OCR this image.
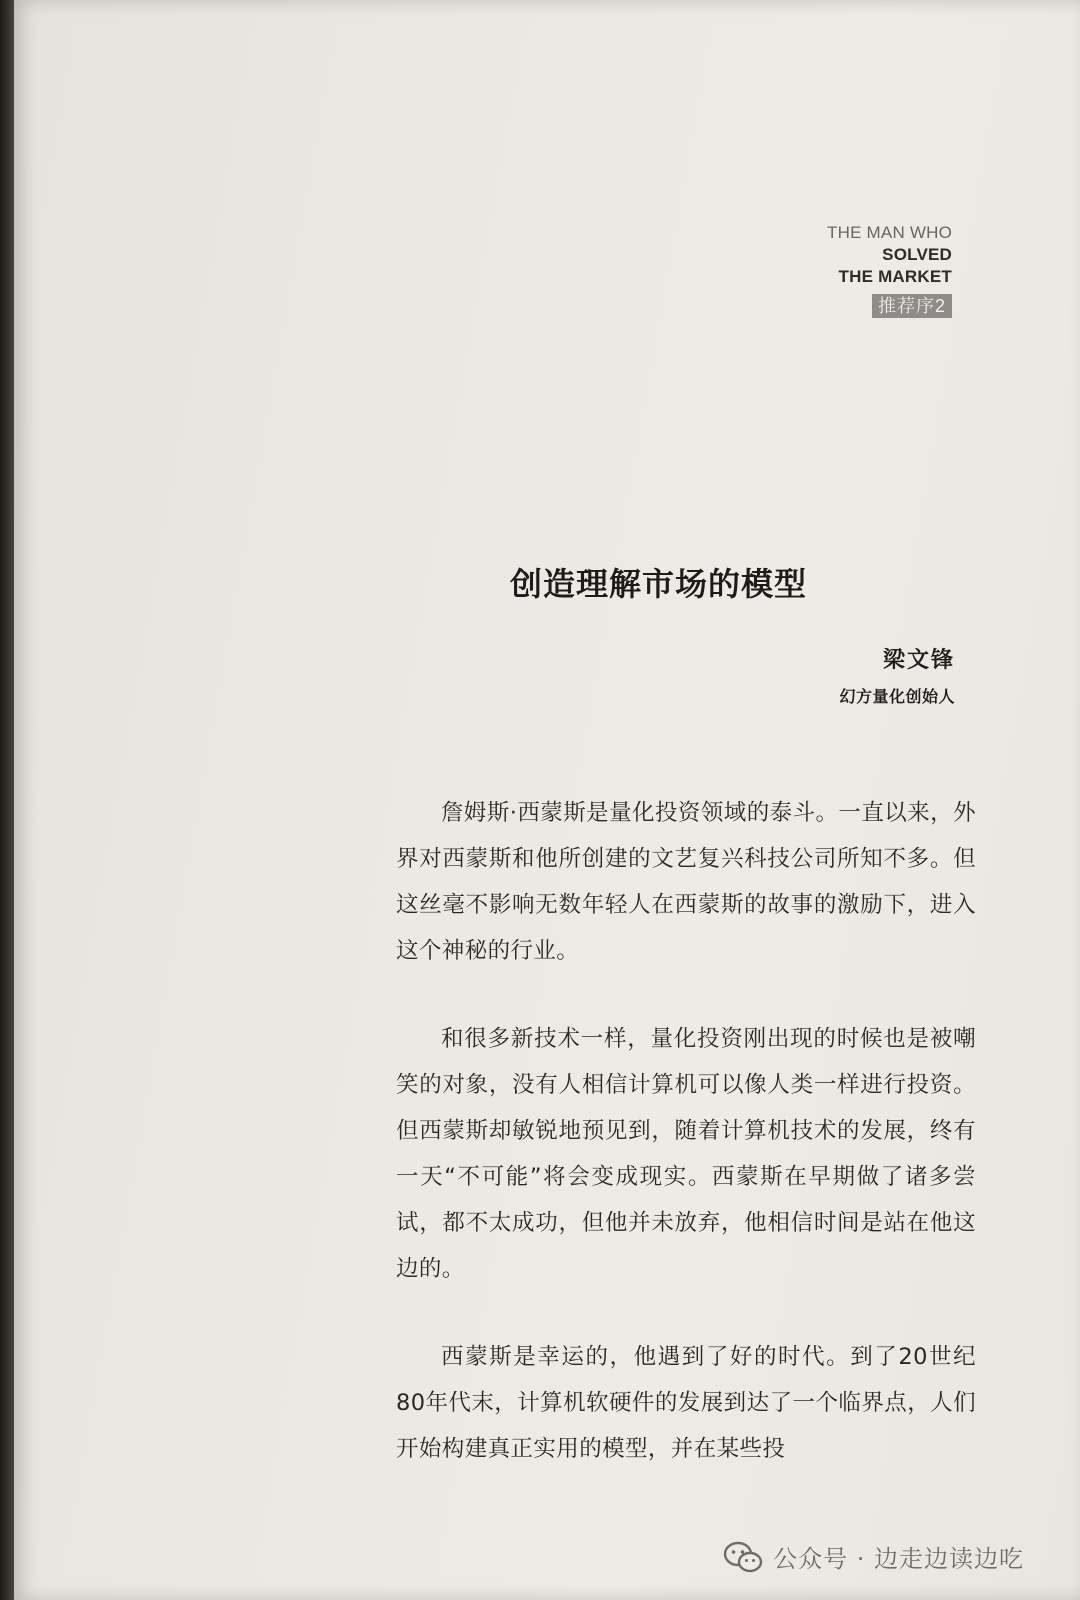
THE MAN WHO
SOLVED
THE MARKET
推荐序2
创造理解市场的模型
梁文锋
幻方量化创始人

詹姆斯·西蒙斯是量化投资领域的泰斗。一直以来，外界对西蒙斯和他所创建的文艺复兴科技公司所知不多。但这丝毫不影响无数年轻人在西蒙斯的故事的激励下，进入这个神秘的行业。

和很多新技术一样，量化投资刚出现的时候也是被嘲笑的对象，没有人相信计算机可以像人类一样进行投资。但西蒙斯却敏锐地预见到，随着计算机技术的发展，终有一天“不可能”将会变成现实。西蒙斯在早期做了诸多尝试，都不太成功，但他并未放弃，他相信时间是站在他这边的。

西蒙斯是幸运的，他遇到了好的时代。到了20世纪80年代末，计算机软硬件的发展到达了一个临界点，人们开始构建真正实用的模型，并在某些投

公众号 · 边走边读边吃
